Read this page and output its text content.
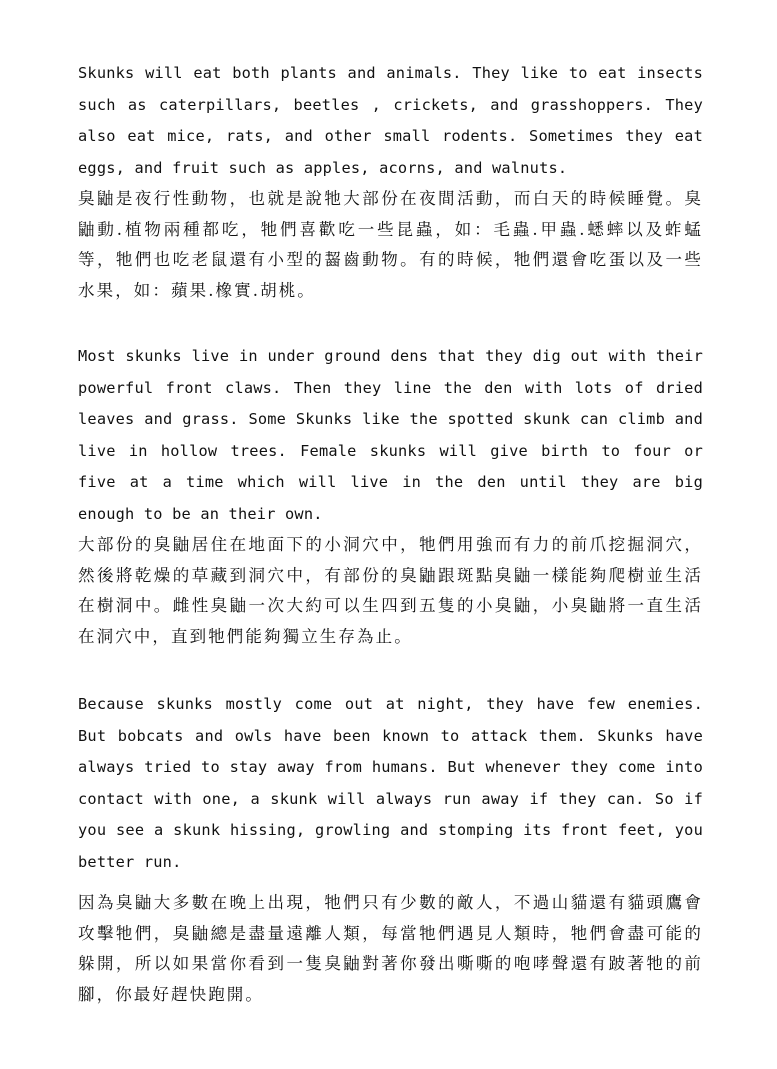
Skunks will eat both plants and animals. They like to eat insects such as caterpillars, beetles , crickets, and grasshoppers. They also eat mice, rats, and other small rodents. Sometimes they eat eggs, and fruit such as apples, acorns, and walnuts.

臭鼬是夜行性動物，也就是說牠大部份在夜間活動，而白天的時候睡覺。臭鼬動.植物兩種都吃，牠們喜歡吃一些昆蟲，如：毛蟲.甲蟲.蟋蟀以及蚱蜢等，牠們也吃老鼠還有小型的齧齒動物。有的時候，牠們還會吃蛋以及一些水果，如：蘋果.橡實.胡桃。

Most skunks live in under ground dens that they dig out with their powerful front claws. Then they line the den with lots of dried leaves and grass. Some Skunks like the spotted skunk can climb and live in hollow trees. Female skunks will give birth to four or five at a time which will live in the den until they are big enough to be an their own.

大部份的臭鼬居住在地面下的小洞穴中，牠們用強而有力的前爪挖掘洞穴，然後將乾燥的草藏到洞穴中，有部份的臭鼬跟斑點臭鼬一樣能夠爬樹並生活在樹洞中。雌性臭鼬一次大約可以生四到五隻的小臭鼬，小臭鼬將一直生活在洞穴中，直到牠們能夠獨立生存為止。

Because skunks mostly come out at night, they have few enemies. But bobcats and owls have been known to attack them. Skunks have always tried to stay away from humans. But whenever they come into contact with one, a skunk will always run away if they can. So if you see a skunk hissing, growling and stomping its front feet, you better run.

因為臭鼬大多數在晚上出現，牠們只有少數的敵人，不過山貓還有貓頭鷹會攻擊牠們，臭鼬總是盡量遠離人類，每當牠們遇見人類時，牠們會盡可能的躲開，所以如果當你看到一隻臭鼬對著你發出嘶嘶的咆哮聲還有跛著牠的前腳，你最好趕快跑開。
